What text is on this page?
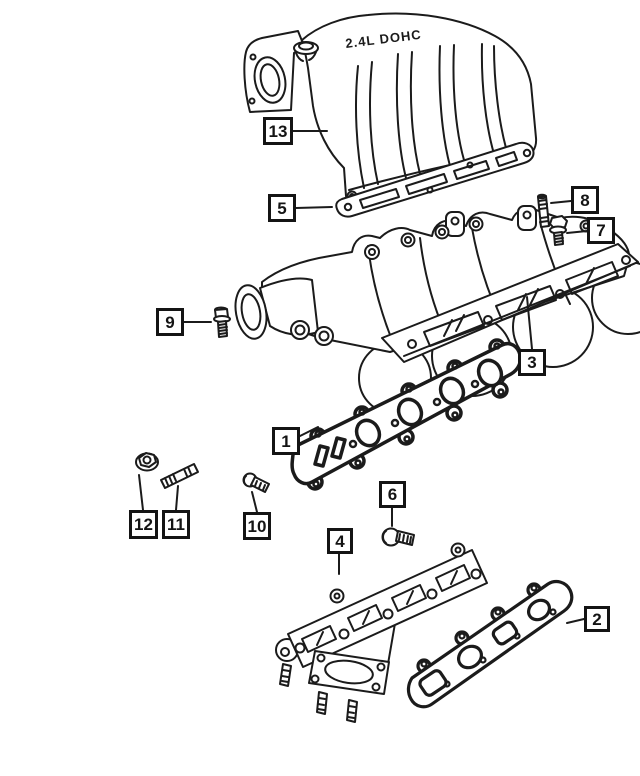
2.4L DOHC
13
5	8
7
9
3
1
12 11	10
6
4
2
